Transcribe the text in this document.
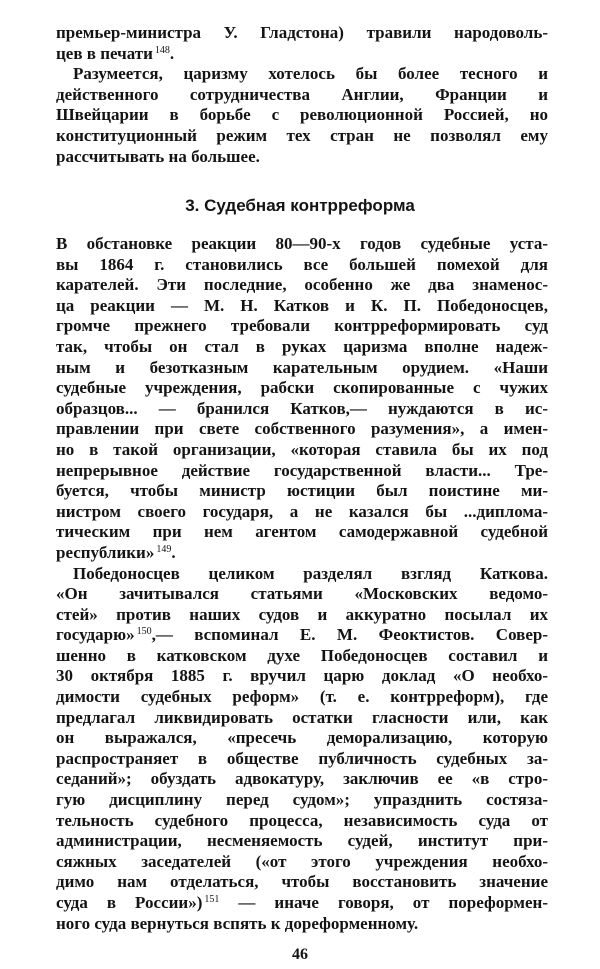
премьер-министра У. Гладстона) травили народоволь-
цев в печати $^{148}$.
Разумеется, царизму хотелось бы более тесного и
действенного сотрудничества Англии, Франции и
Швейцарии в борьбе с революционной Россией, но
конституционный режим тех стран не позволял ему
рассчитывать на большее.
3. Судебная контрреформа
В обстановке реакции 80—90-х годов судебные уста-
вы 1864 г. становились все большей помехой для
карателей. Эти последние, особенно же два знаменос-
ца реакции — М. Н. Катков и К. П. Победоносцев,
громче прежнего требовали контрреформировать суд
так, чтобы он стал в руках царизма вполне надеж-
ным и безотказным карательным орудием. «Наши
судебные учреждения, рабски скопированные с чужих
образцов... — бранился Катков,— нуждаются в ис-
правлении при свете собственного разумения», а имен-
но в такой организации, «которая ставила бы их под
непрерывное действие государственной власти... Тре-
буется, чтобы министр юстиции был поистине ми-
нистром своего государя, а не казался бы ...диплома-
тическим при нем агентом самодержавной судебной
республики» $^{149}$.
Победоносцев целиком разделял взгляд Каткова.
«Он зачитывался статьями «Московских ведомо-
стей» против наших судов и аккуратно посылал их
государю» $^{150}$,— вспоминал Е. М. Феоктистов. Совер-
шенно в катковском духе Победоносцев составил и
30 октября 1885 г. вручил царю доклад «О необхо-
димости судебных реформ» (т. е. контрреформ), где
предлагал ликвидировать остатки гласности или, как
он выражался, «пресечь деморализацию, которую
распространяет в обществе публичность судебных за-
седаний»; обуздать адвокатуру, заключив ее «в стро-
гую дисциплину перед судом»; упразднить состяза-
тельность судебного процесса, независимость суда от
администрации, несменяемость судей, институт при-
сяжных заседателей («от этого учреждения необхо-
димо нам отделаться, чтобы восстановить значение
суда в России») $^{151}$ — иначе говоря, от пореформен-
ного суда вернуться вспять к дореформенному.
46
